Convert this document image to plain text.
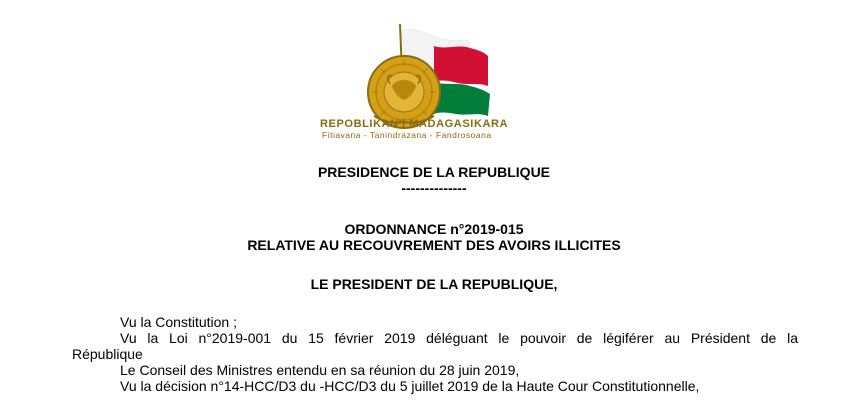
REPOBLIKAN'I MADAGASIKARA
Fitiavana - Tanindrazana - Fandrosoana
PRESIDENCE DE LA REPUBLIQUE
--------------
ORDONNANCE n°2019-015
RELATIVE AU RECOUVREMENT DES AVOIRS ILLICITES
LE PRESIDENT DE LA REPUBLIQUE,
Vu la Constitution ;
Vu la Loi n°2019-001 du 15 février 2019 déléguant le pouvoir de légiférer au Président de la
République
Le Conseil des Ministres entendu en sa réunion du 28 juin 2019,
Vu la décision n°14-HCC/D3 du -HCC/D3 du 5 juillet 2019 de la Haute Cour Constitutionnelle,
